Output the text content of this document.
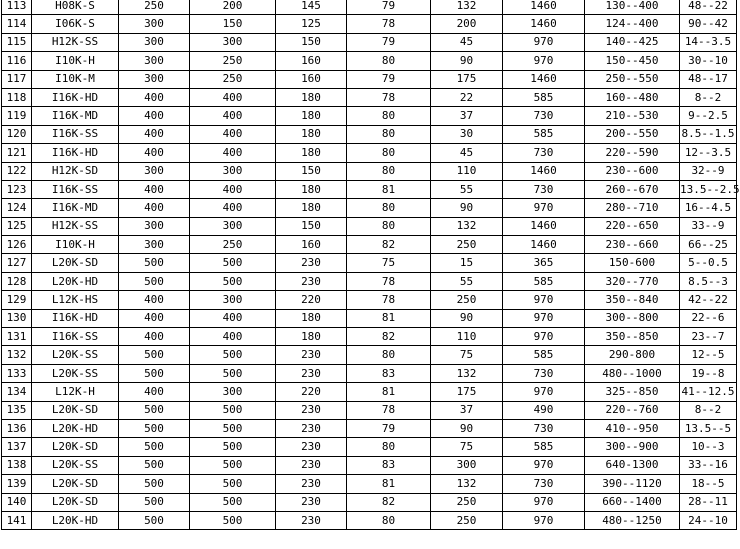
113	H08K-S	250	200	145	79	132	1460	130--400	48--22
114	I06K-S	300	150	125	78	200	1460	124--400	90--42
115	H12K-SS	300	300	150	79	45	970	140--425	14--3.5
116	I10K-H	300	250	160	80	90	970	150--450	30--10
117	I10K-M	300	250	160	79	175	1460	250--550	48--17
118	I16K-HD	400	400	180	78	22	585	160--480	8--2
119	I16K-MD	400	400	180	80	37	730	210--530	9--2.5
120	I16K-SS	400	400	180	80	30	585	200--550	8.5--1.5
121	I16K-HD	400	400	180	80	45	730	220--590	12--3.5
122	H12K-SD	300	300	150	80	110	1460	230--600	32--9
123	I16K-SS	400	400	180	81	55	730	260--670	13.5--2.5
124	I16K-MD	400	400	180	80	90	970	280--710	16--4.5
125	H12K-SS	300	300	150	80	132	1460	220--650	33--9
126	I10K-H	300	250	160	82	250	1460	230--660	66--25
127	L20K-SD	500	500	230	75	15	365	150-600	5--0.5
128	L20K-HD	500	500	230	78	55	585	320--770	8.5--3
129	L12K-HS	400	300	220	78	250	970	350--840	42--22
130	I16K-HD	400	400	180	81	90	970	300--800	22--6
131	I16K-SS	400	400	180	82	110	970	350--850	23--7
132	L20K-SS	500	500	230	80	75	585	290-800	12--5
133	L20K-SS	500	500	230	83	132	730	480--1000	19--8
134	L12K-H	400	300	220	81	175	970	325--850	41--12.5
135	L20K-SD	500	500	230	78	37	490	220--760	8--2
136	L20K-HD	500	500	230	79	90	730	410--950	13.5--5
137	L20K-SD	500	500	230	80	75	585	300--900	10--3
138	L20K-SS	500	500	230	83	300	970	640-1300	33--16
139	L20K-SD	500	500	230	81	132	730	390--1120	18--5
140	L20K-SD	500	500	230	82	250	970	660--1400	28--11
141	L20K-HD	500	500	230	80	250	970	480--1250	24--10
